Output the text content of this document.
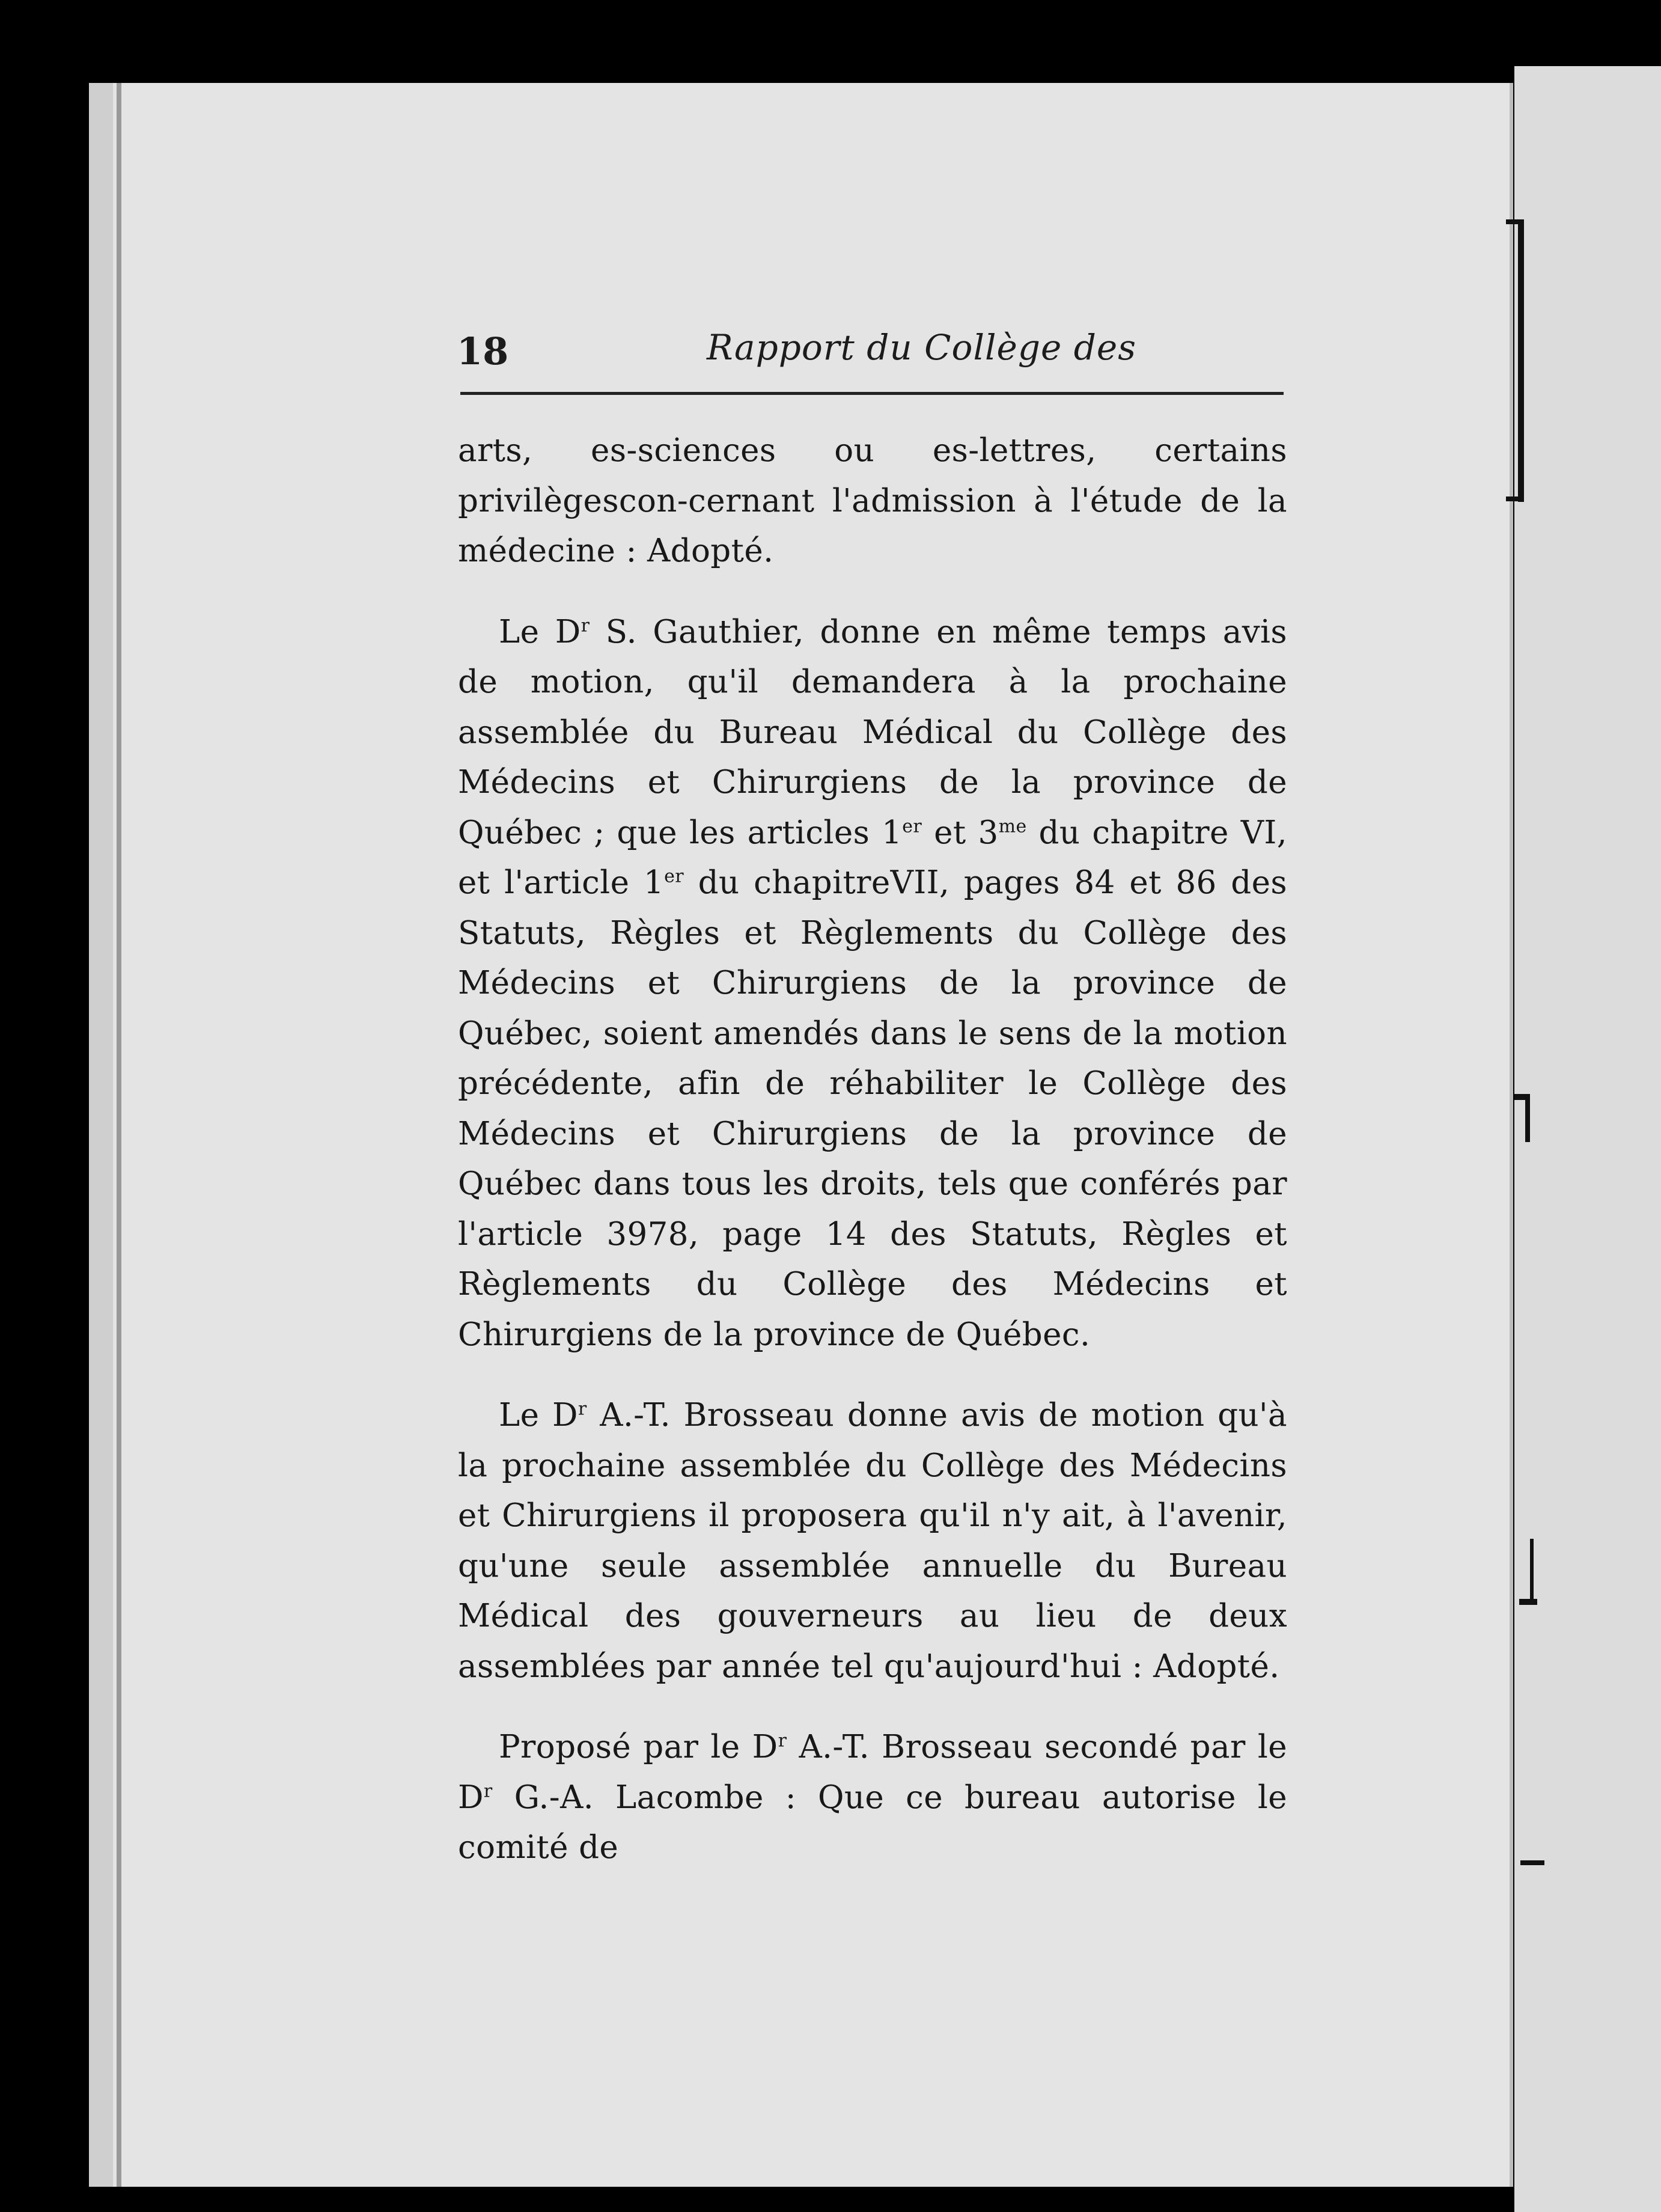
18	Rapport du Collège des

arts, es-sciences ou es-lettres, certains privilègescon-cernant l'admission à l'étude de la médecine : Adopté.

Le $D^r$ S. Gauthier, donne en même temps avis de motion, qu'il demandera à la prochaine assemblée du Bureau Médical du Collège des Médecins et Chirurgiens de la province de Québec ; que les articles 1er et $3^{me}$ du chapitre VI, et l'article 1er du chapitreVII, pages 84 et 86 des Statuts, Règles et Règlements du Collège des Médecins et Chirurgiens de la province de Québec, soient amendés dans le sens de la motion précédente, afin de réhabiliter le Collège des Médecins et Chirurgiens de la province de Québec dans tous les droits, tels que conférés par l'article 3978, page 14 des Statuts, Règles et Règlements du Collège des Médecins et Chirurgiens de la province de Québec.

Le $D^r$ A.-T. Brosseau donne avis de motion qu'à la prochaine assemblée du Collège des Médecins et Chirurgiens il proposera qu'il n'y ait, à l'avenir, qu'une seule assemblée annuelle du Bureau Médical des gouverneurs au lieu de deux assemblées par année tel qu'aujourd'hui : Adopté.

Proposé par le $D^r$ A.-T. Brosseau secondé par le $D^r$ G.-A. Lacombe : Que ce bureau autorise le comité de
